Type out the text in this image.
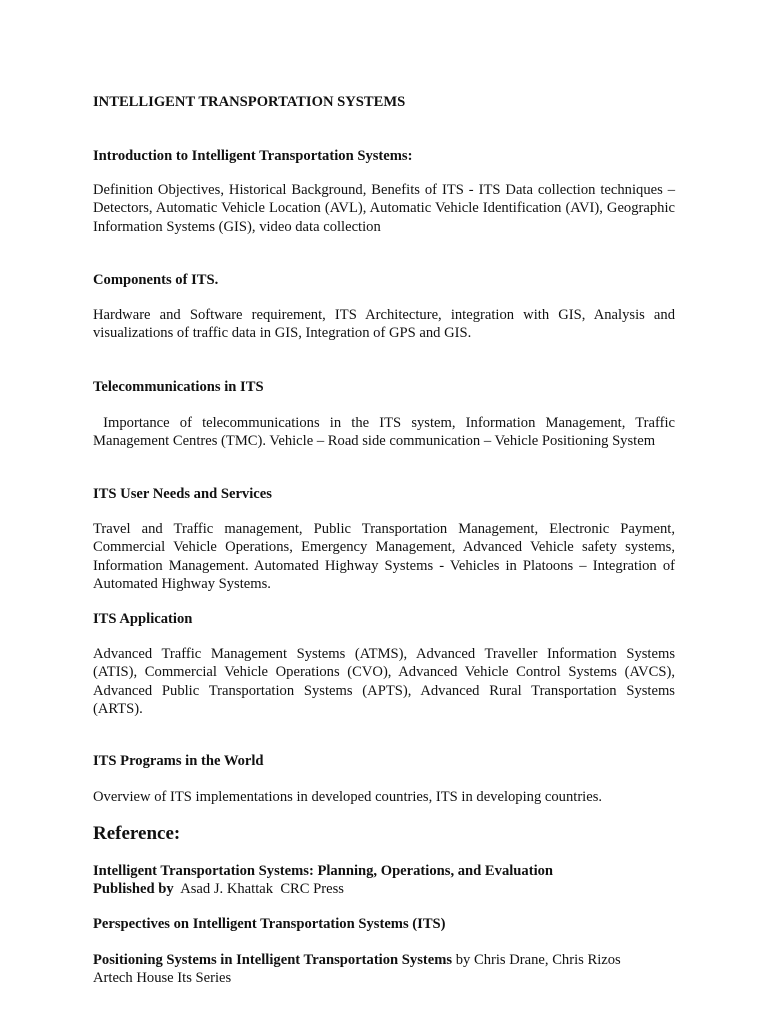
INTELLIGENT TRANSPORTATION SYSTEMS

Introduction to Intelligent Transportation Systems:

Definition Objectives, Historical Background, Benefits of ITS - ITS Data collection techniques – Detectors, Automatic Vehicle Location (AVL), Automatic Vehicle Identification (AVI), Geographic Information Systems (GIS), video data collection

Components of ITS.

Hardware and Software requirement, ITS Architecture, integration with GIS, Analysis and visualizations of traffic data in GIS, Integration of GPS and GIS.

Telecommunications in ITS

Importance of telecommunications in the ITS system, Information Management, Traffic Management Centres (TMC). Vehicle – Road side communication – Vehicle Positioning System

ITS User Needs and Services

Travel and Traffic management, Public Transportation Management, Electronic Payment, Commercial Vehicle Operations, Emergency Management, Advanced Vehicle safety systems, Information Management. Automated Highway Systems - Vehicles in Platoons – Integration of Automated Highway Systems.

ITS Application

Advanced Traffic Management Systems (ATMS), Advanced Traveller Information Systems (ATIS), Commercial Vehicle Operations (CVO), Advanced Vehicle Control Systems (AVCS), Advanced Public Transportation Systems (APTS), Advanced Rural Transportation Systems (ARTS).

ITS Programs in the World

Overview of ITS implementations in developed countries, ITS in developing countries.

Reference:

Intelligent Transportation Systems: Planning, Operations, and Evaluation
Published by  Asad J. Khattak  CRC Press

Perspectives on Intelligent Transportation Systems (ITS)

Positioning Systems in Intelligent Transportation Systems by Chris Drane, Chris Rizos
Artech House Its Series
